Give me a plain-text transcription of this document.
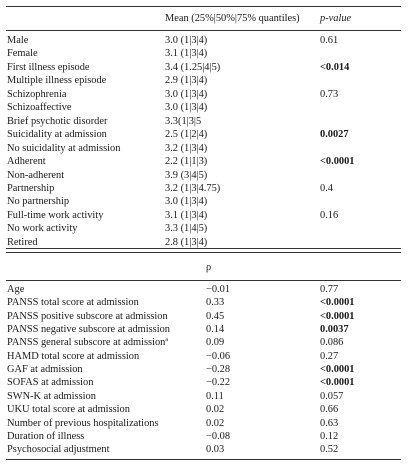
Mean (25%|50%|75% quantiles) p-value
Male	3.0 (1|3|4)	0.61
Female	3.1 (1|3|4)
First illness episode	3.4 (1.25|4|5)	<0.014
Multiple illness episode	2.9 (1|3|4)
Schizophrenia	3.0 (1|3|4)	0.73
Schizoaffective	3.0 (1|3|4)
Brief psychotic disorder	3.3(1|3|5
Suicidality at admission	2.5 (1|2|4)	0.0027
No suicidality at admission	3.2 (1|3|4)
Adherent	2.2 (1|1|3)	<0.0001
Non-adherent	3.9 (3|4|5)
Partnership	3.2 (1|3|4.75)	0.4
No partnership	3.0 (1|3|4)
Full-time work activity	3.1 (1|3|4)	0.16
No work activity	3.3 (1|4|5)
Retired	2.8 (1|3|4)
ρ
Age	−0.01	0.77
PANSS total score at admission	0.33	<0.0001
PANSS positive subscore at admission	0.45	<0.0001
PANSS negative subscore at admission	0.14	0.0037
PANSS general subscore at admission$^a$	0.09	0.086
HAMD total score at admission	−0.06	0.27
GAF at admission	−0.28	<0.0001
SOFAS at admission	−0.22	<0.0001
SWN-K at admission	0.11	0.057
UKU total score at admission	0.02	0.66
Number of previous hospitalizations	0.02	0.63
Duration of illness	−0.08	0.12
Psychosocial adjustment	0.03	0.52
